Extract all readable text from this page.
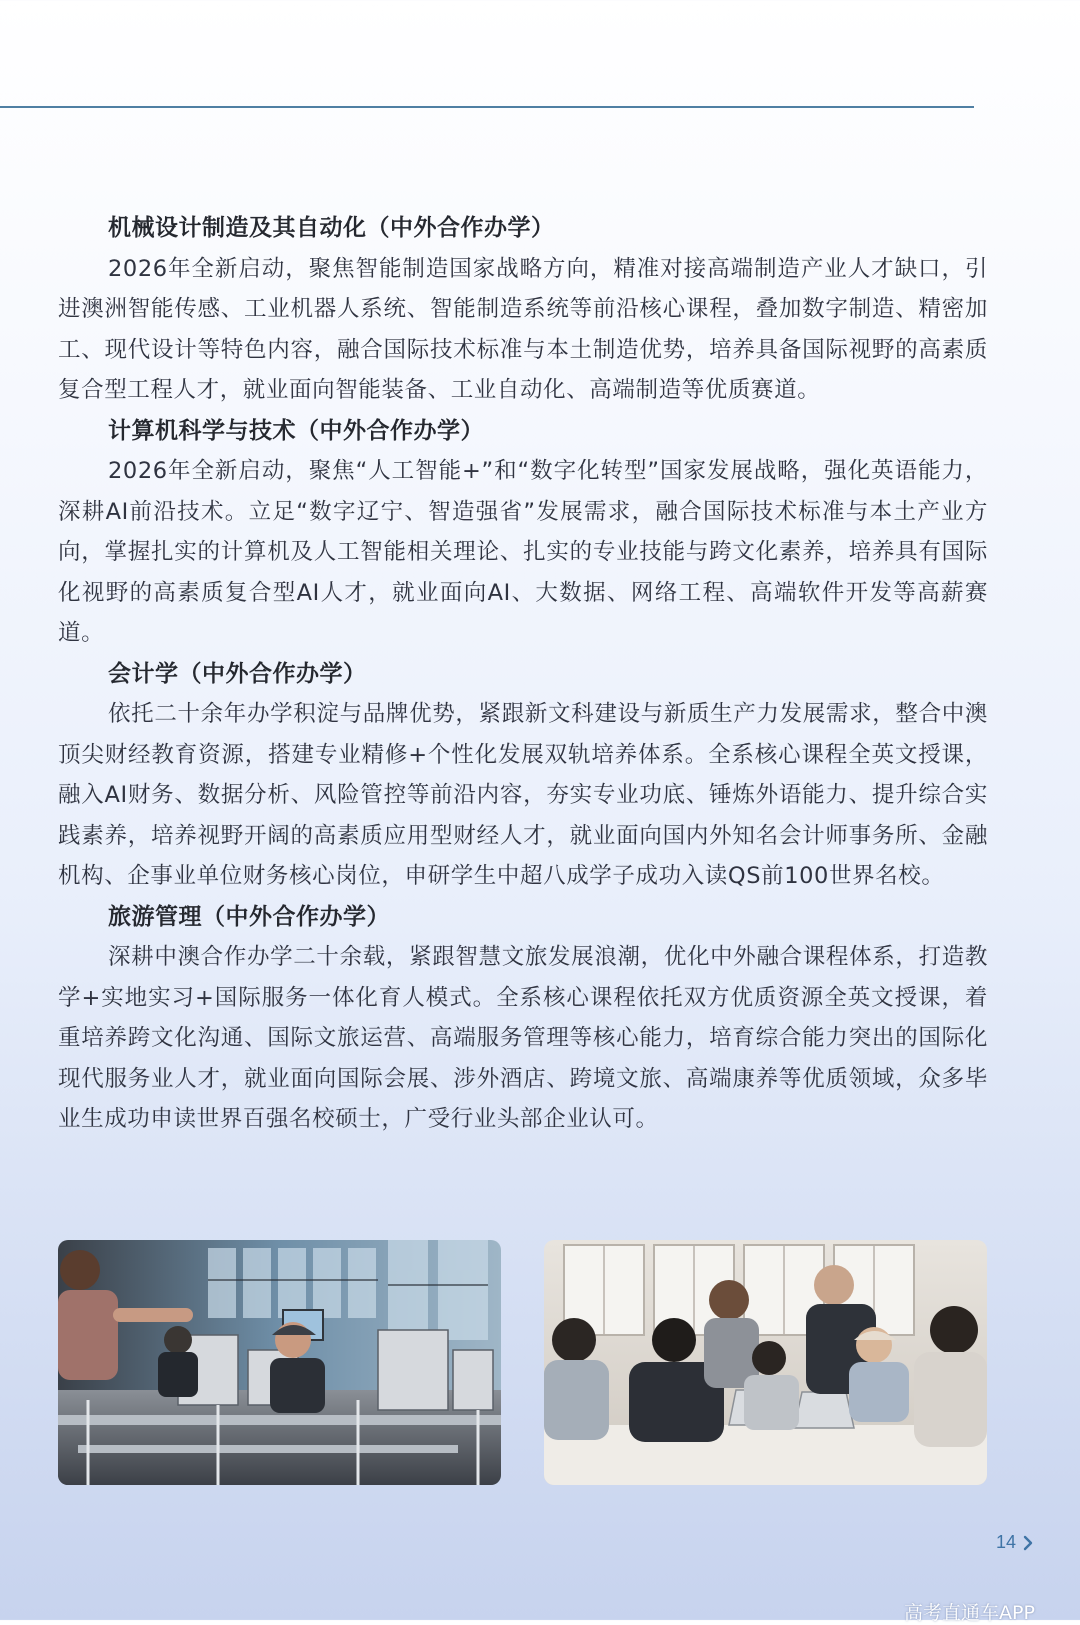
机械设计制造及其自动化（中外合作办学）

2026年全新启动，聚焦智能制造国家战略方向，精准对接高端制造产业人才缺口，引进澳洲智能传感、工业机器人系统、智能制造系统等前沿核心课程，叠加数字制造、精密加工、现代设计等特色内容，融合国际技术标准与本土制造优势，培养具备国际视野的高素质复合型工程人才，就业面向智能装备、工业自动化、高端制造等优质赛道。

计算机科学与技术（中外合作办学）

2026年全新启动，聚焦“人工智能+”和“数字化转型”国家发展战略，强化英语能力，深耕AI前沿技术。立足“数字辽宁、智造强省”发展需求，融合国际技术标准与本土产业方向，掌握扎实的计算机及人工智能相关理论、扎实的专业技能与跨文化素养，培养具有国际化视野的高素质复合型AI人才，就业面向AI、大数据、网络工程、高端软件开发等高薪赛道。

会计学（中外合作办学）

依托二十余年办学积淀与品牌优势，紧跟新文科建设与新质生产力发展需求，整合中澳顶尖财经教育资源，搭建专业精修+个性化发展双轨培养体系。全系核心课程全英文授课，融入AI财务、数据分析、风险管控等前沿内容，夯实专业功底、锤炼外语能力、提升综合实践素养，培养视野开阔的高素质应用型财经人才，就业面向国内外知名会计师事务所、金融机构、企事业单位财务核心岗位，申研学生中超八成学子成功入读QS前100世界名校。

旅游管理（中外合作办学）

深耕中澳合作办学二十余载，紧跟智慧文旅发展浪潮，优化中外融合课程体系，打造教学+实地实习+国际服务一体化育人模式。全系核心课程依托双方优质资源全英文授课，着重培养跨文化沟通、国际文旅运营、高端服务管理等核心能力，培育综合能力突出的国际化现代服务业人才，就业面向国际会展、涉外酒店、跨境文旅、高端康养等优质领域，众多毕业生成功申读世界百强名校硕士，广受行业头部企业认可。

14
高考直通车APP
